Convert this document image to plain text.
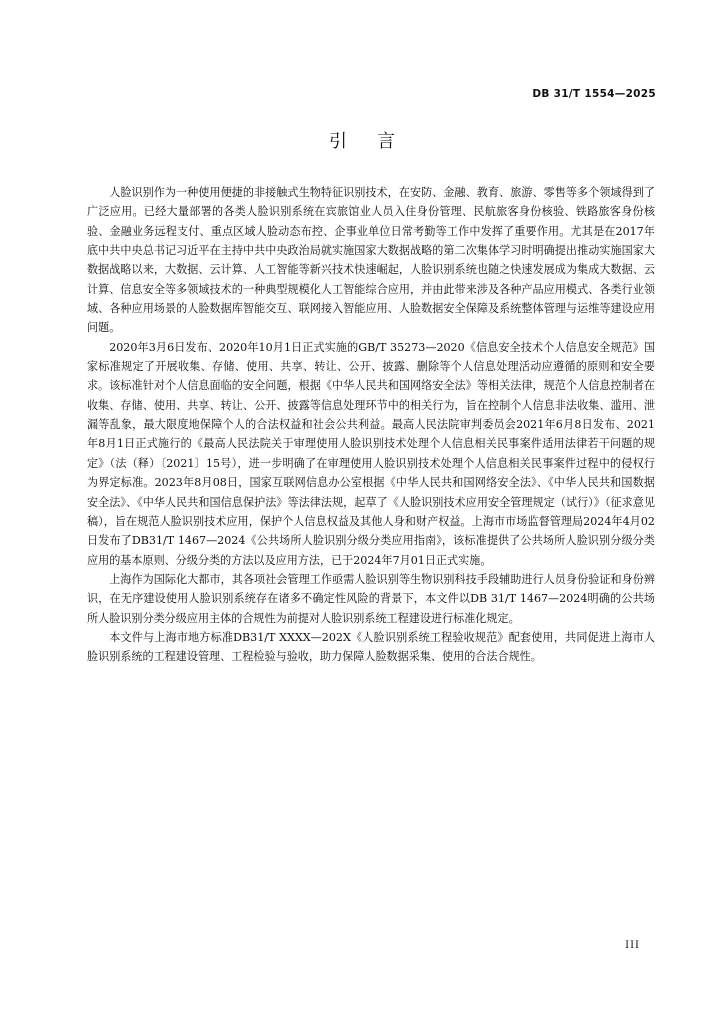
DB 31/T 1554—2025
引言

人脸识别作为一种使用便捷的非接触式生物特征识别技术，在安防、金融、教育、旅游、零售等多个领域得到了广泛应用。已经大量部署的各类人脸识别系统在宾旅馆业人员入住身份管理、民航旅客身份核验、铁路旅客身份核验、金融业务远程支付、重点区域人脸动态布控、企事业单位日常考勤等工作中发挥了重要作用。尤其是在2017年底中共中央总书记习近平在主持中共中央政治局就实施国家大数据战略的第二次集体学习时明确提出推动实施国家大数据战略以来，大数据、云计算、人工智能等新兴技术快速崛起，人脸识别系统也随之快速发展成为集成大数据、云计算、信息安全等多领域技术的一种典型规模化人工智能综合应用，并由此带来涉及各种产品应用模式、各类行业领域、各种应用场景的人脸数据库智能交互、联网接入智能应用、人脸数据安全保障及系统整体管理与运维等建设应用问题。

2020年3月6日发布、2020年10月1日正式实施的GB/T 35273—2020《信息安全技术个人信息安全规范》国家标准规定了开展收集、存储、使用、共享、转让、公开、披露、删除等个人信息处理活动应遵循的原则和安全要求。该标准针对个人信息面临的安全问题，根据《中华人民共和国网络安全法》等相关法律，规范个人信息控制者在收集、存储、使用、共享、转让、公开、披露等信息处理环节中的相关行为，旨在控制个人信息非法收集、滥用、泄漏等乱象，最大限度地保障个人的合法权益和社会公共利益。最高人民法院审判委员会2021年6月8日发布、2021年8月1日正式施行的《最高人民法院关于审理使用人脸识别技术处理个人信息相关民事案件适用法律若干问题的规定》（法（释）〔2021〕15号），进一步明确了在审理使用人脸识别技术处理个人信息相关民事案件过程中的侵权行为界定标准。2023年8月08日，国家互联网信息办公室根据《中华人民共和国网络安全法》、《中华人民共和国数据安全法》、《中华人民共和国信息保护法》等法律法规，起草了《人脸识别技术应用安全管理规定（试行）》（征求意见稿），旨在规范人脸识别技术应用，保护个人信息权益及其他人身和财产权益。上海市市场监督管理局2024年4月02日发布了DB31/T 1467—2024《公共场所人脸识别分级分类应用指南》，该标准提供了公共场所人脸识别分级分类应用的基本原则、分级分类的方法以及应用方法，已于2024年7月01日正式实施。

上海作为国际化大都市，其各项社会管理工作亟需人脸识别等生物识别科技手段辅助进行人员身份验证和身份辨识，在无序建设使用人脸识别系统存在诸多不确定性风险的背景下，本文件以DB 31/T 1467—2024明确的公共场所人脸识别分类分级应用主体的合规性为前提对人脸识别系统工程建设进行标准化规定。

本文件与上海市地方标准DB31/T XXXX—202X《人脸识别系统工程验收规范》配套使用，共同促进上海市人脸识别系统的工程建设管理、工程检验与验收，助力保障人脸数据采集、使用的合法合规性。

III
